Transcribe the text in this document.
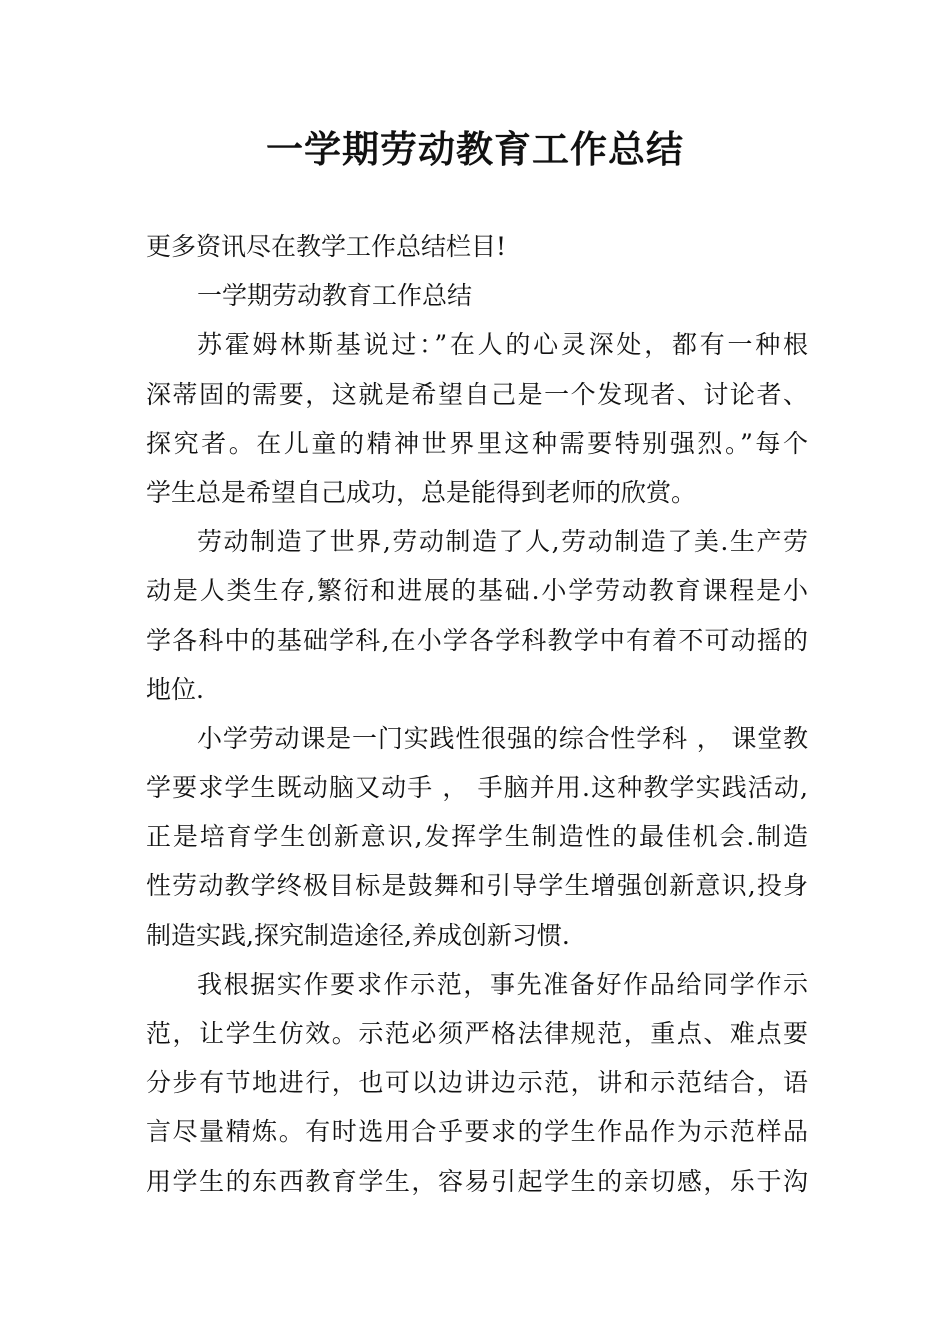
一学期劳动教育工作总结
更多资讯尽在教学工作总结栏目!
一学期劳动教育工作总结
苏霍姆林斯基说过：”在人的心灵深处，都有一种根
深蒂固的需要，这就是希望自己是一个发现者、讨论者、
探究者。在儿童的精神世界里这种需要特别强烈。”每个
学生总是希望自己成功，总是能得到老师的欣赏。
劳动制造了世界,劳动制造了人,劳动制造了美.生产劳
动是人类生存,繁衍和进展的基础.小学劳动教育课程是小
学各科中的基础学科,在小学各学科教学中有着不可动摇的
地位.
小学劳动课是一门实践性很强的综合性学科 ， 课堂教
学要求学生既动脑又动手 ， 手脑并用.这种教学实践活动,
正是培育学生创新意识,发挥学生制造性的最佳机会.制造
性劳动教学终极目标是鼓舞和引导学生增强创新意识,投身
制造实践,探究制造途径,养成创新习惯.
我根据实作要求作示范，事先准备好作品给同学作示
范，让学生仿效。示范必须严格法律规范，重点、难点要
分步有节地进行，也可以边讲边示范，讲和示范结合，语
言尽量精炼。有时选用合乎要求的学生作品作为示范样品
用学生的东西教育学生，容易引起学生的亲切感，乐于沟
